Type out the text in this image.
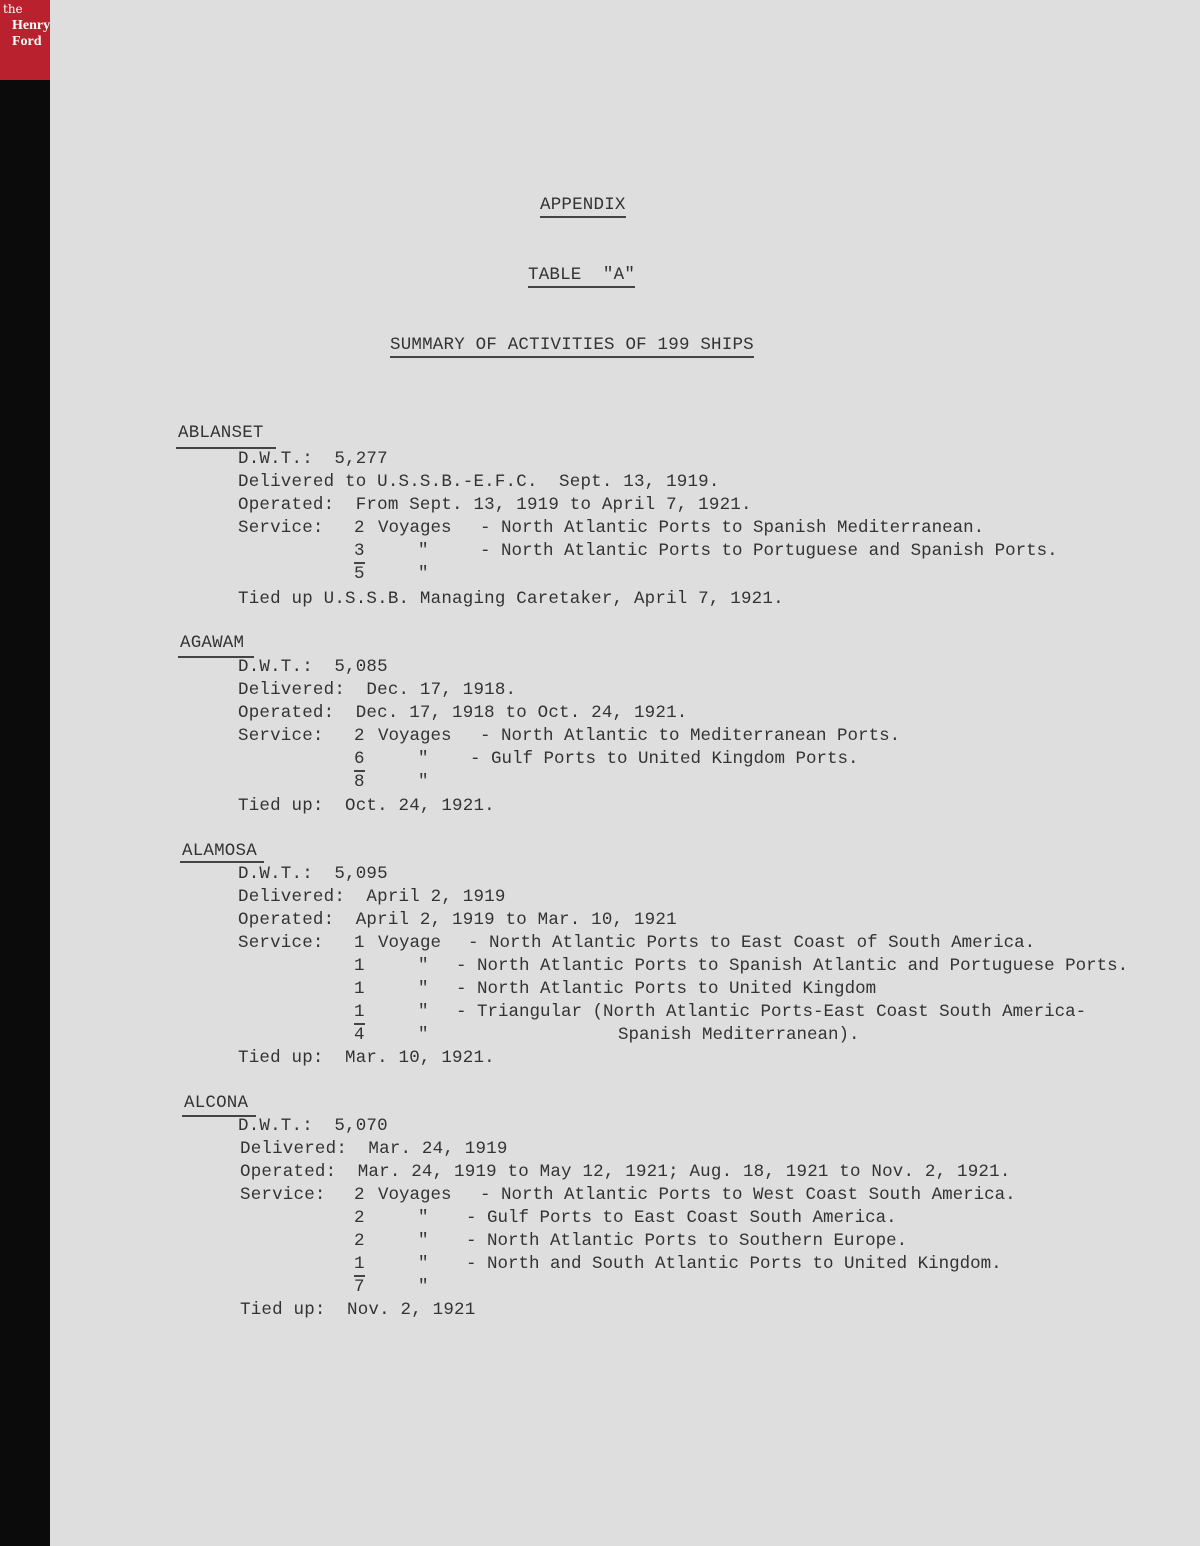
the
Henry
Ford
APPENDIX
TABLE  "A"
SUMMARY OF ACTIVITIES OF 199 SHIPS
ABLANSET
D.W.T.:  5,277
Delivered to U.S.S.B.-E.F.C.  Sept. 13, 1919.
Operated:  From Sept. 13, 1919 to April 7, 1921.
Service: 2 Voyages - North Atlantic Ports to Spanish Mediterranean.
3	"	- North Atlantic Ports to Portuguese and Spanish Ports.
5	"
Tied up U.S.S.B. Managing Caretaker, April 7, 1921.
AGAWAM
D.W.T.:  5,085
Delivered:  Dec. 17, 1918.
Operated:  Dec. 17, 1918 to Oct. 24, 1921.
Service: 2 Voyages - North Atlantic to Mediterranean Ports.
6	" - Gulf Ports to United Kingdom Ports.
8	"
Tied up:  Oct. 24, 1921.
ALAMOSA
D.W.T.:  5,095
Delivered:  April 2, 1919
Operated:  April 2, 1919 to Mar. 10, 1921
Service: 1 Voyage - North Atlantic Ports to East Coast of South America.
1	" - North Atlantic Ports to Spanish Atlantic and Portuguese Ports.
1	" - North Atlantic Ports to United Kingdom
1	" - Triangular (North Atlantic Ports-East Coast South America-
4	"	Spanish Mediterranean).
Tied up:  Mar. 10, 1921.
ALCONA
D.W.T.:  5,070
Delivered:  Mar. 24, 1919
Operated:  Mar. 24, 1919 to May 12, 1921; Aug. 18, 1921 to Nov. 2, 1921.
Service: 2 Voyages - North Atlantic Ports to West Coast South America.
2	" - Gulf Ports to East Coast South America.
2	" - North Atlantic Ports to Southern Europe.
1	" - North and South Atlantic Ports to United Kingdom.
7	"
Tied up:  Nov. 2, 1921
